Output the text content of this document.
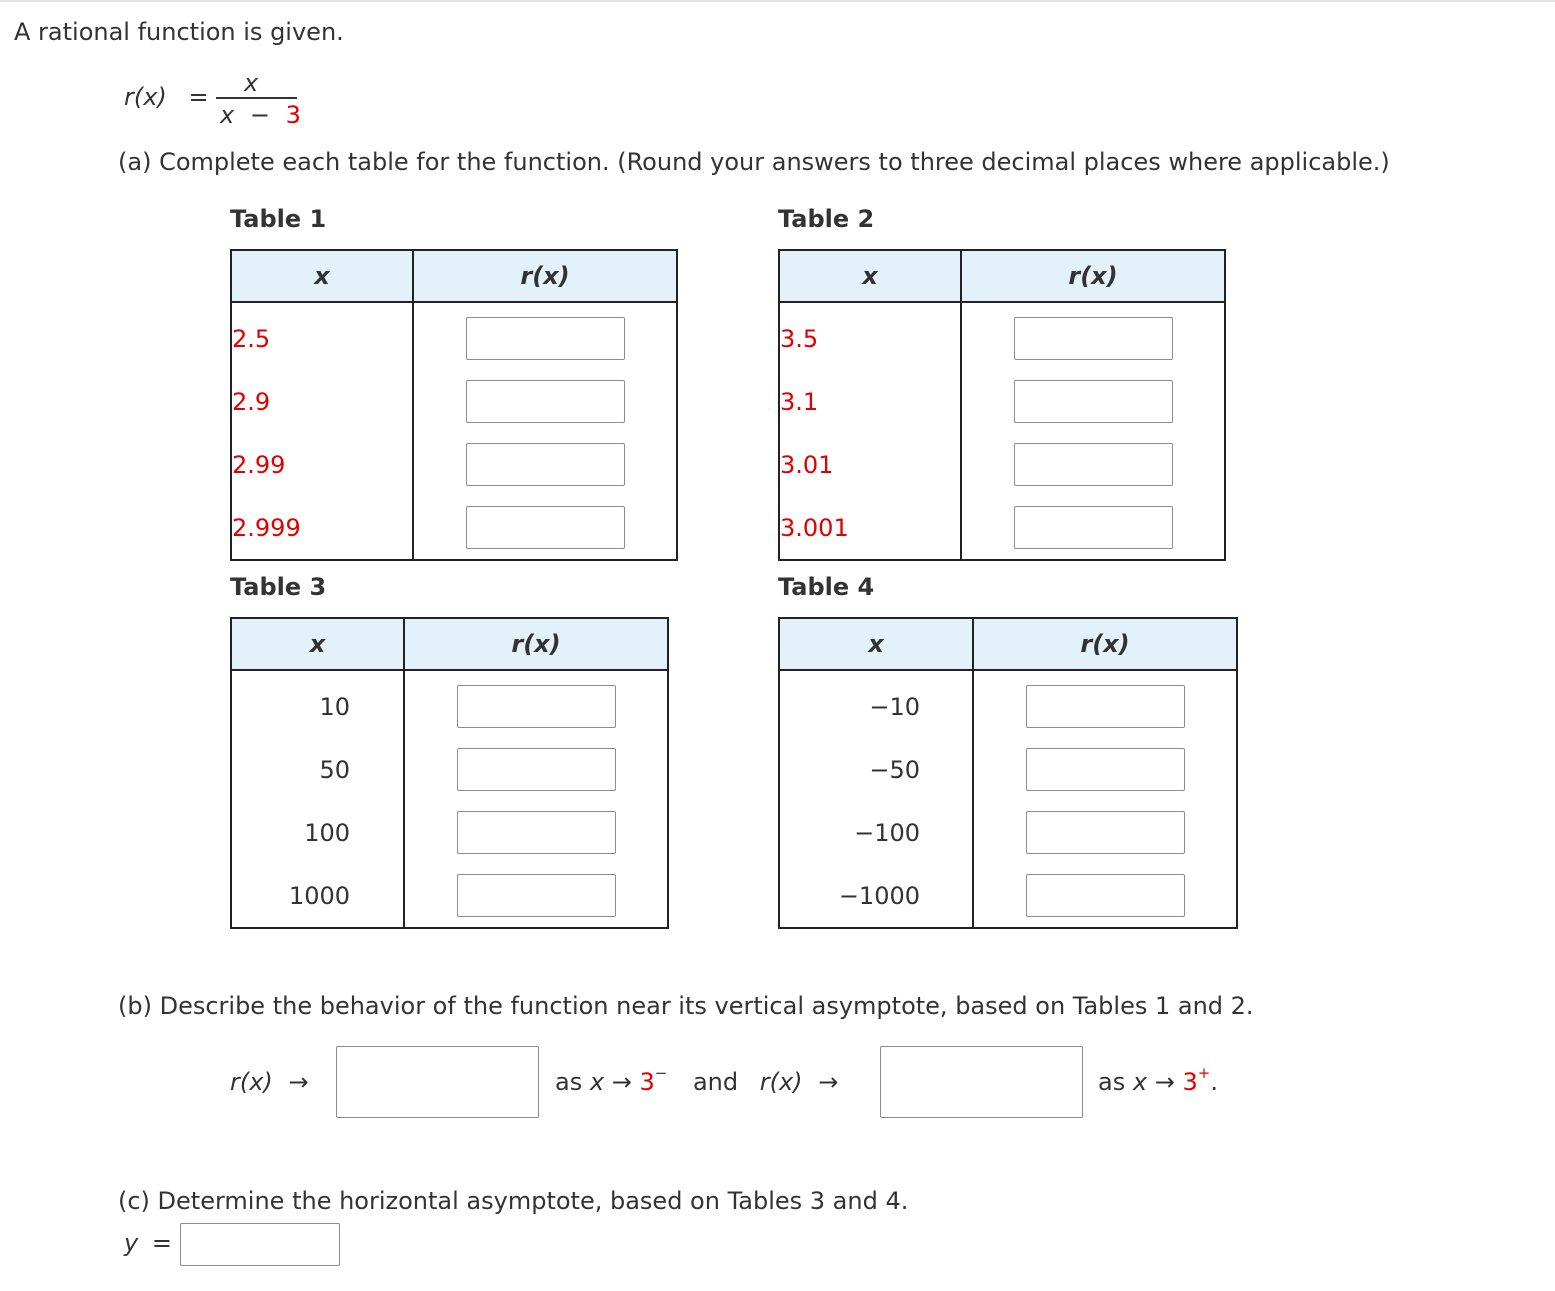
A rational function is given.
r(x) = x
x − 3
(a) Complete each table for the function. (Round your answers to three decimal places where applicable.)
Table 1	Table 2
Table 3	Table 4
x	r(x)
2.5	

2.9	

2.99	

2.999	
x	r(x)
3.5	

3.1	

3.01	

3.001	
x	r(x)
10	

50	

100	

1000	
x	r(x)
−10	

−50	

−100	

−1000	
(b) Describe the behavior of the function near its vertical asymptote, based on Tables 1 and 2.
r(x) →	as x → 3− and r(x) →	as x → 3+.
(c) Determine the horizontal asymptote, based on Tables 3 and 4.
y =
